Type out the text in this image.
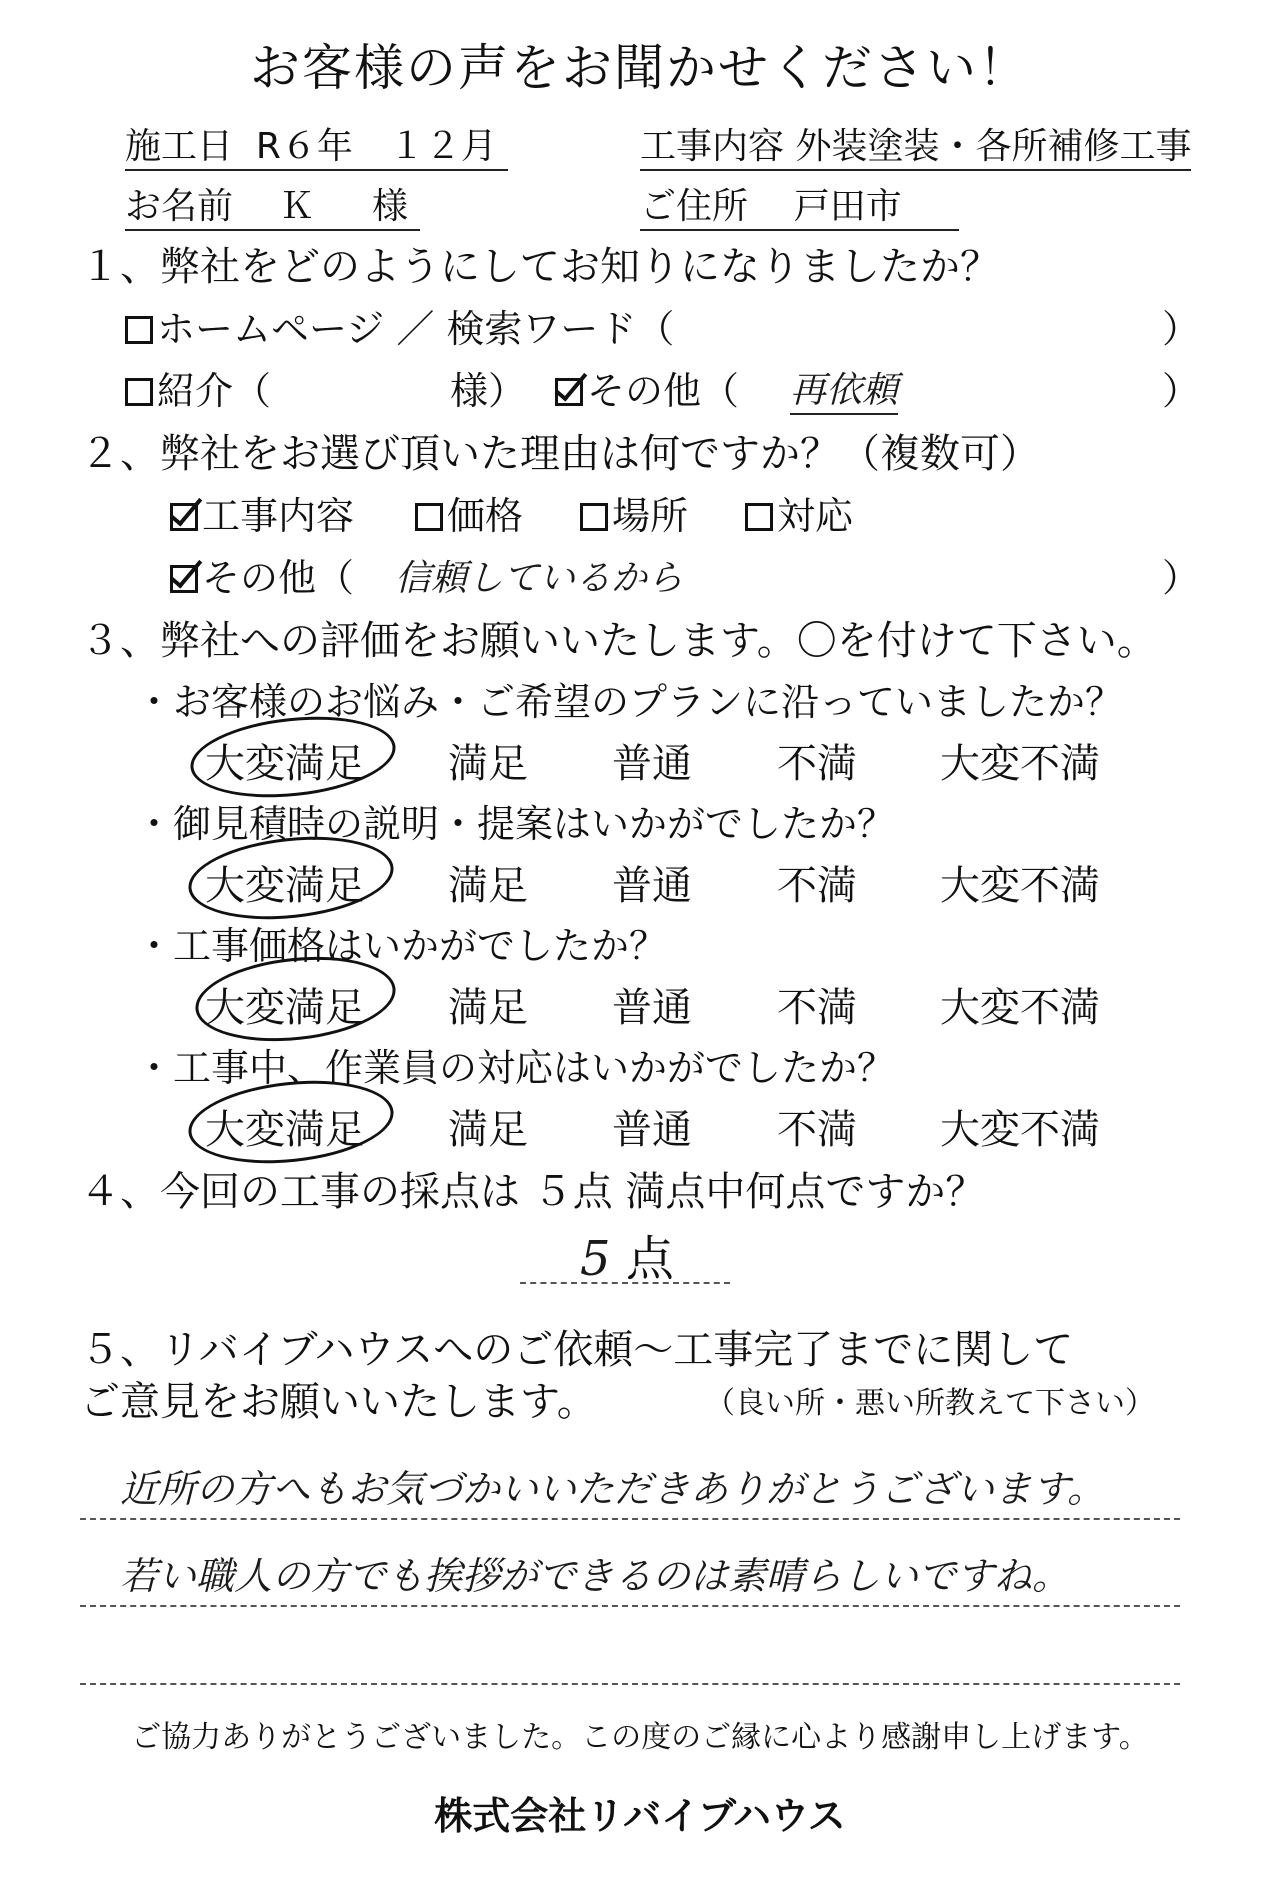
お客様の声をお聞かせください！
施工日 R６年　１２月	工事内容 外装塗装・各所補修工事
お名前 Ｋ 様	ご住所 戸田市
１、弊社をどのようにしてお知りになりましたか？
ホームページ ／ 検索ワード（	）
紹介（	様）	その他（ 再依頼	）
２、弊社をお選び頂いた理由は何ですか？（複数可）
工事内容	価格	場所	対応
その他（ 信頼しているから	）
３、弊社への評価をお願いいたします。〇を付けて下さい。
・お客様のお悩み・ご希望のプランに沿っていましたか？
大変満足 満足 普通 不満 大変不満
・御見積時の説明・提案はいかがでしたか？
大変満足 満足 普通 不満 大変不満
・工事価格はいかがでしたか？
大変満足 満足 普通 不満 大変不満
・工事中、作業員の対応はいかがでしたか？
大変満足 満足 普通 不満 大変不満
４、今回の工事の採点は ５点 満点中何点ですか？
5 点
５、リバイブハウスへのご依頼～工事完了までに関して
ご意見をお願いいたします。	（良い所・悪い所教えて下さい）
近所の方へもお気づかいいただきありがとうございます。
若い職人の方でも挨拶ができるのは素晴らしいですね。
ご協力ありがとうございました。この度のご縁に心より感謝申し上げます。
株式会社リバイブハウス
